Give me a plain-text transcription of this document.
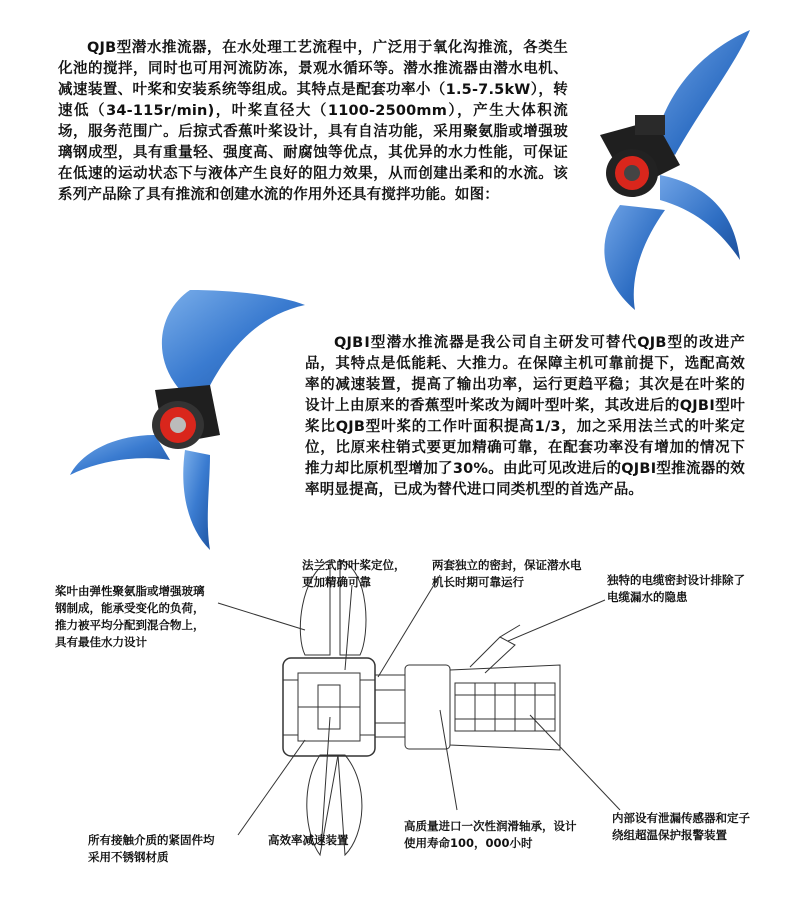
QJB型潜水推流器，在水处理工艺流程中，广泛用于氧化沟推流，各类生化池的搅拌，同时也可用河流防冻，景观水循环等。潜水推流器由潜水电机、减速装置、叶桨和安装系统等组成。其特点是配套功率小（1.5-7.5kW），转速低（34-115r/min)，叶桨直径大（1100-2500mm），产生大体积流场，服务范围广。后掠式香蕉叶桨设计，具有自洁功能，采用聚氨脂或增强玻璃钢成型，具有重量轻、强度高、耐腐蚀等优点，其优异的水力性能，可保证在低速的运动状态下与液体产生良好的阻力效果，从而创建出柔和的水流。该系列产品除了具有推流和创建水流的作用外还具有搅拌功能。如图：

QJBⅠ型潜水推流器是我公司自主研发可替代QJB型的改进产品，其特点是低能耗、大推力。在保障主机可靠前提下，选配高效率的减速装置，提高了输出功率，运行更趋平稳；其次是在叶桨的设计上由原来的香蕉型叶桨改为阔叶型叶桨，其改进后的QJBⅠ型叶桨比QJB型叶桨的工作叶面积提高1/3，加之采用法兰式的叶桨定位，比原来柱销式要更加精确可靠，在配套功率没有增加的情况下推力却比原机型增加了30%。由此可见改进后的QJBⅠ型推流器的效率明显提高，已成为替代进口同类机型的首选产品。

法兰式的叶桨定位，更加精确可靠

两套独立的密封，保证潜水电机长时期可靠运行	独特的电缆密封设计排除了电缆漏水的隐患

桨叶由弹性聚氨脂或增强玻璃钢制成，能承受变化的负荷，推力被平均分配到混合物上，具有最佳水力设计

所有接触介质的紧固件均采用不锈钢材质

高效率减速装置

高质量进口一次性润滑轴承，设计使用寿命100，000小时

内部设有泄漏传感器和定子绕组超温保护报警装置
